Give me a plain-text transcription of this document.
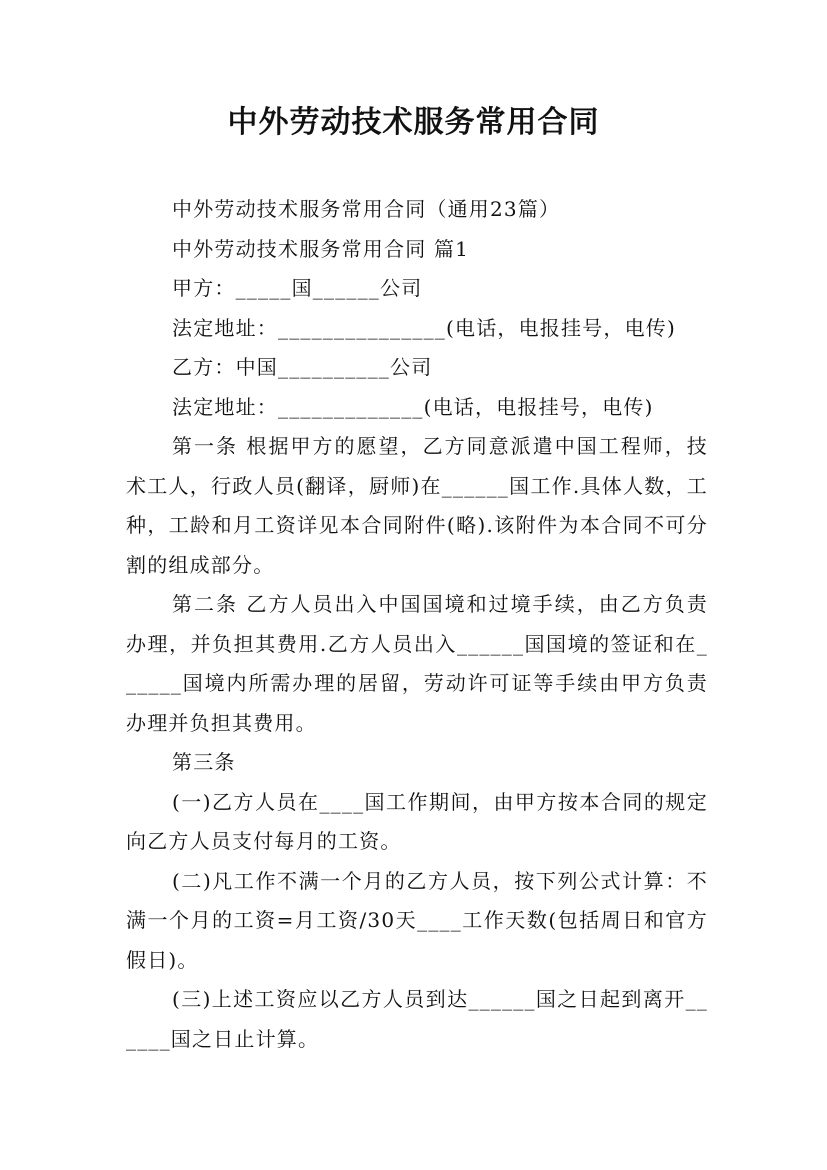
中外劳动技术服务常用合同

中外劳动技术服务常用合同（通用23篇）

中外劳动技术服务常用合同 篇1

甲方：_____国______公司

法定地址：_______________(电话，电报挂号，电传)

乙方：中国__________公司

法定地址：_____________(电话，电报挂号，电传)

第一条 根据甲方的愿望，乙方同意派遣中国工程师，技术工人，行政人员(翻译，厨师)在______国工作.具体人数，工种，工龄和月工资详见本合同附件(略).该附件为本合同不可分割的组成部分。

第二条 乙方人员出入中国国境和过境手续，由乙方负责办理，并负担其费用.乙方人员出入______国国境的签证和在______国境内所需办理的居留，劳动许可证等手续由甲方负责办理并负担其费用。

第三条

(一)乙方人员在____国工作期间，由甲方按本合同的规定向乙方人员支付每月的工资。

(二)凡工作不满一个月的乙方人员，按下列公式计算：不满一个月的工资=月工资/30天____工作天数(包括周日和官方假日)。

(三)上述工资应以乙方人员到达______国之日起到离开______国之日止计算。
